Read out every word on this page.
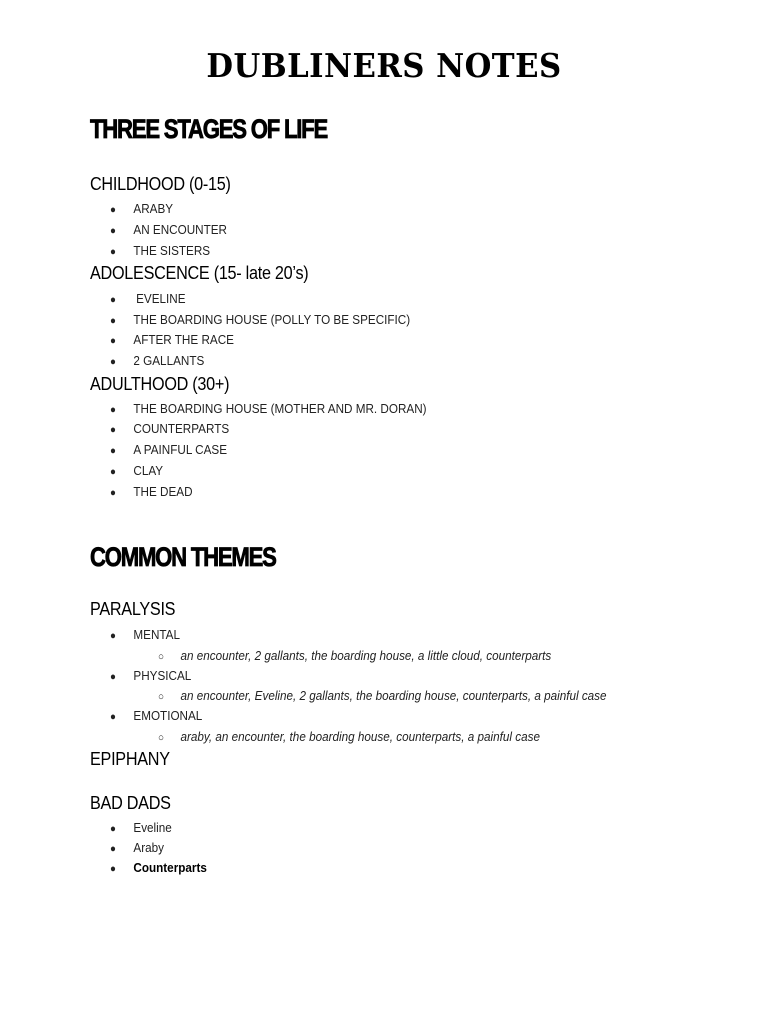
DUBLINERS NOTES
THREE STAGES OF LIFE
CHILDHOOD (0-15)
● ARABY
● AN ENCOUNTER
● THE SISTERS
ADOLESCENCE (15- late 20’s)
● EVELINE
● THE BOARDING HOUSE (POLLY TO BE SPECIFIC)
● AFTER THE RACE
● 2 GALLANTS
ADULTHOOD (30+)
● THE BOARDING HOUSE (MOTHER AND MR. DORAN)
● COUNTERPARTS
● A PAINFUL CASE
● CLAY
● THE DEAD
COMMON THEMES
PARALYSIS
● MENTAL
○ an encounter, 2 gallants, the boarding house, a little cloud, counterparts
● PHYSICAL
○ an encounter, Eveline, 2 gallants, the boarding house, counterparts, a painful case
● EMOTIONAL
○ araby, an encounter, the boarding house, counterparts, a painful case
EPIPHANY
BAD DADS
● Eveline
● Araby
● Counterparts
